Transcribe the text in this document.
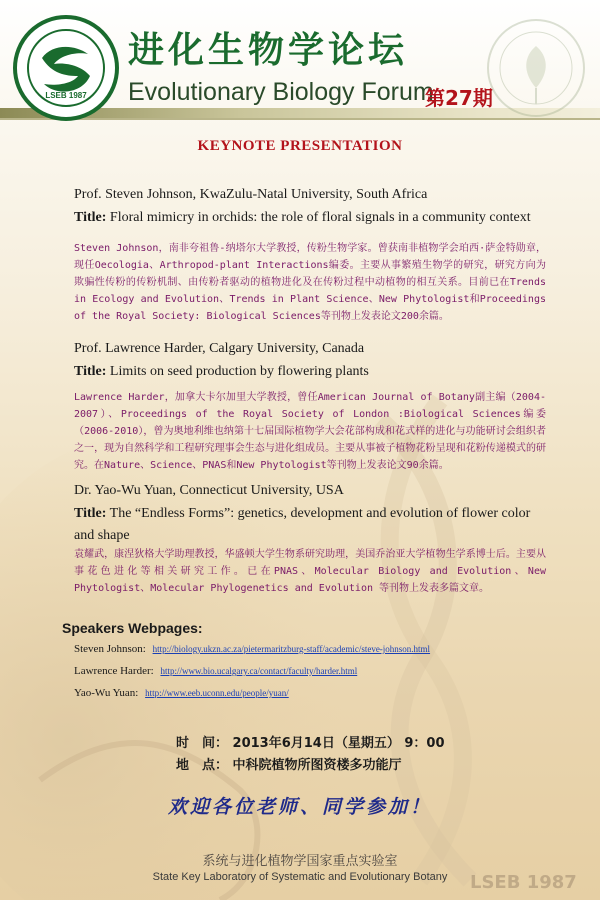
LSEB 1987
进化生物学论坛
Evolutionary Biology Forum
第27期
KEYNOTE PRESENTATION
Prof. Steven Johnson, KwaZulu-Natal University, South Africa
Title: Floral mimicry in orchids: the role of floral signals in a community context
Steven Johnson，南非夸祖鲁-纳塔尔大学教授，传粉生物学家。曾获南非植物学会珀西·萨金特勋章，现任Oecologia、Arthropod-plant Interactions编委。主要从事繁殖生物学的研究，研究方向为欺骗性传粉的传粉机制、由传粉者驱动的植物进化及在传粉过程中动植物的相互关系。目前已在Trends in Ecology and Evolution、Trends in Plant Science、New Phytologist和Proceedings of the Royal Society: Biological Sciences等刊物上发表论文200余篇。
Prof. Lawrence Harder, Calgary University, Canada
Title: Limits on seed production by flowering plants
Lawrence Harder，加拿大卡尔加里大学教授，曾任American Journal of Botany副主编（2004-2007）、Proceedings of the Royal Society of London :Biological Sciences编委（2006-2010），曾为奥地利维也纳第十七届国际植物学大会花部构成和花式样的进化与功能研讨会组织者之一，现为自然科学和工程研究理事会生态与进化组成员。主要从事被子植物花粉呈现和花粉传递模式的研究。在Nature、Science、PNAS和New Phytologist等刊物上发表论文90余篇。
Dr. Yao-Wu Yuan, Connecticut University, USA
Title: The “Endless Forms”: genetics, development and evolution of flower color and shape
袁耀武，康涅狄格大学助理教授，华盛顿大学生物系研究助理，美国乔治亚大学植物生学系博士后。主要从事花色进化等相关研究工作。已在PNAS、Molecular Biology and Evolution、New Phytologist、Molecular Phylogenetics and Evolution 等刊物上发表多篇文章。
Speakers Webpages:
Steven Johnson: http://biology.ukzn.ac.za/pietermaritzburg-staff/academic/steve-johnson.html
Lawrence Harder: http://www.bio.ucalgary.ca/contact/faculty/harder.html
Yao-Wu Yuan: http://www.eeb.uconn.edu/people/yuan/
时　间： 2013年6月14日（星期五） 9：00
地　点： 中科院植物所图资楼多功能厅
欢迎各位老师、同学参加！
系统与进化植物学国家重点实验室
State Key Laboratory of Systematic and Evolutionary Botany	LSEB 1987
